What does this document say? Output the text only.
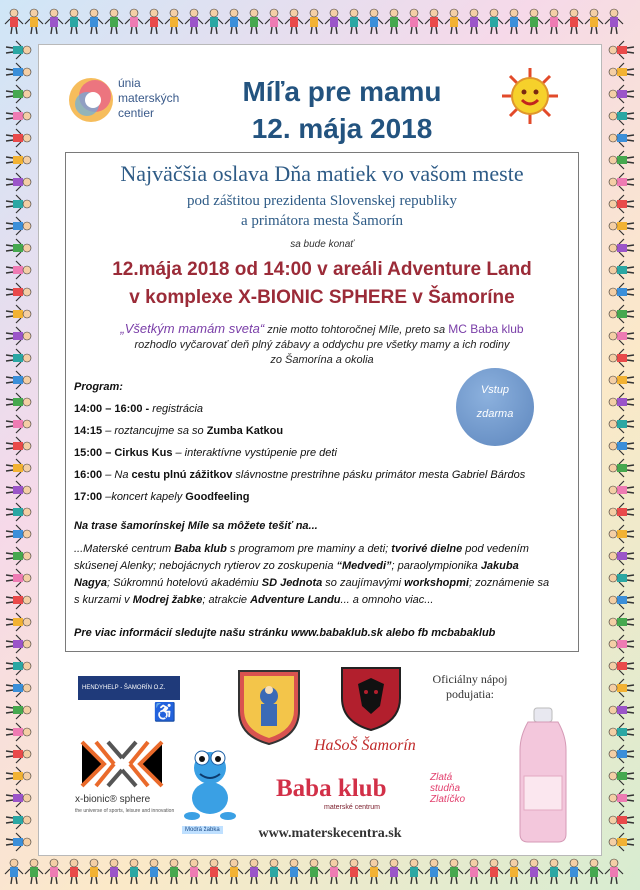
únia
materských
centier
Míľa pre mamu
12. mája 2018
Najväčšia oslava Dňa matiek vo vašom meste
pod záštitou prezidenta Slovenskej republiky
a primátora mesta Šamorín
sa bude konať
12.mája 2018 od 14:00 v areáli Adventure Land
v komplexe X-BIONIC SPHERE v Šamoríne
„Všetkým mamám sveta“ znie motto tohtoročnej Míle, preto sa MC Baba klub
rozhodlo vyčarovať deň plný zábavy a oddychu pre všetky mamy a ich rodiny
zo Šamorína a okolia
Program:
14:00 – 16:00 - registrácia
14:15 – roztancujme sa so Zumba Katkou
15:00 – Cirkus Kus – interaktívne vystúpenie pre deti
16:00 – Na cestu plnú zážitkov slávnostne prestrihne pásku primátor mesta Gabriel Bárdos
17:00 –koncert kapely Goodfeeling
Vstup
zdarma
Na trase šamorínskej Míle sa môžete tešiť na...
...Materské centrum Baba klub s programom pre maminy a deti; tvorivé dielne pod vedením
skúsenej Alenky; nebojácnych rytierov zo zoskupenia “Medvedi”; paraolympionika Jakuba
Nagya; Súkromnú hotelovú akadémiu SD Jednota so zaujímavými workshopmi; zoznámenie sa
s kurzami v Modrej žabke; atrakcie Adventure Landu... a omnoho viac...
Pre viac informácií sledujte našu stránku www.babaklub.sk alebo fb mcbabaklub
HENDYHELP - ŠAMORÍN O.Z.
♿
Oficiálny nápoj
podujatia:
x-bionic® sphere
the universe of sports, leisure and innovation
Modrá žabka
HaSoŠ Šamorín
Baba klub
materské centrum
Zlatá
studňa
Zlatíčko
www.materskecentra.sk
